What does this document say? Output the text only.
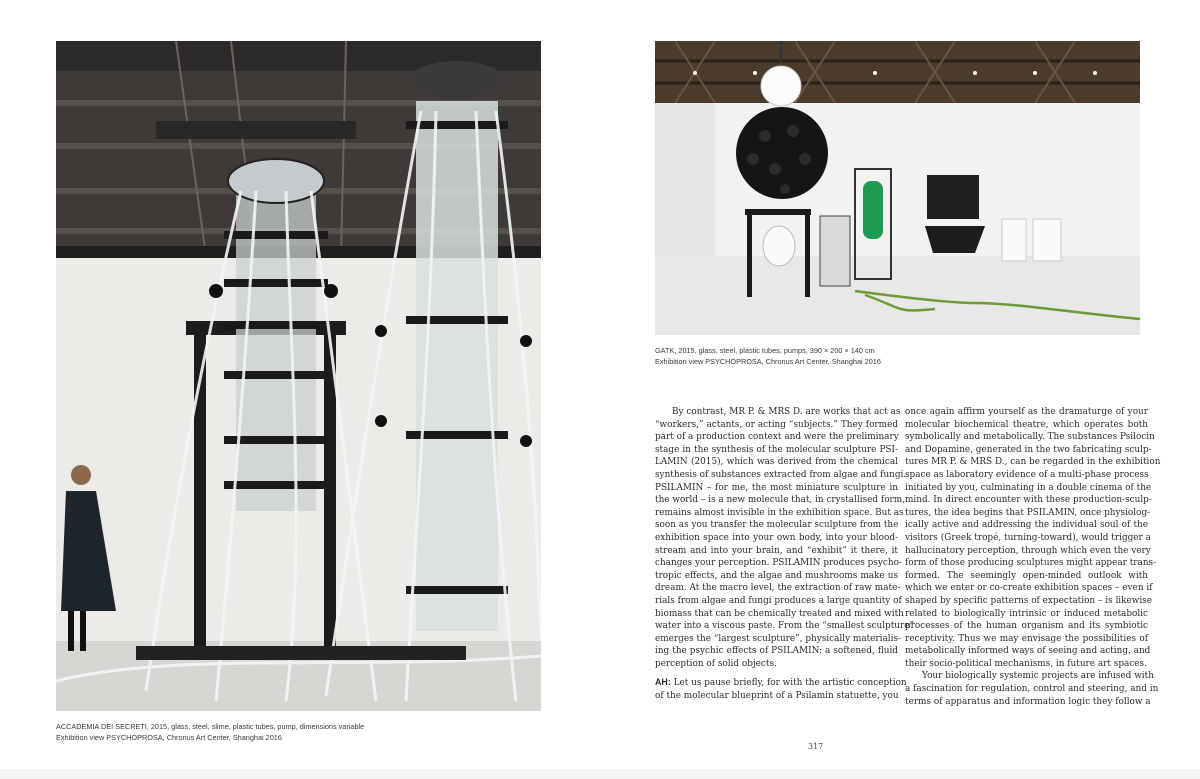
ACCADEMIA DEI SECRETI, 2015, glass, steel, slime, plastic tubes, pump, dimensions variable
Exhibition view PSYCHOPROSA, Chronus Art Center, Shanghai 2016
GATK, 2015, glass, steel, plastic tubes, pumps, 390 × 200 × 140 cm
Exhibition view PSYCHOPROSA, Chronus Art Center, Shanghai 2016
By contrast, MR P. & MRS D. are works that act as
“workers,” actants, or acting “subjects.” They formed
part of a production context and were the preliminary
stage in the synthesis of the molecular sculpture PSI-
LAMIN (2015), which was derived from the chemical
synthesis of substances extracted from algae and fungi.
PSILAMIN – for me, the most miniature sculpture in
the world – is a new molecule that, in crystallised form,
remains almost invisible in the exhibition space. But as
soon as you transfer the molecular sculpture from the
exhibition space into your own body, into your blood-
stream and into your brain, and “exhibit” it there, it
changes your perception. PSILAMIN produces psycho-
tropic effects, and the algae and mushrooms make us
dream. At the macro level, the extraction of raw mate-
rials from algae and fungi produces a large quantity of
biomass that can be chemically treated and mixed with
water into a viscous paste. From the “smallest sculpture”
emerges the “largest sculpture”, physically materialis-
ing the psychic effects of PSILAMIN: a softened, fluid
perception of solid objects.
AH: Let us pause briefly, for with the artistic conception
of the molecular blueprint of a Psilamin statuette, you
once again affirm yourself as the dramaturge of your
molecular biochemical theatre, which operates both
symbolically and metabolically. The substances Psilocin
and Dopamine, generated in the two fabricating sculp-
tures MR P. & MRS D., can be regarded in the exhibition
space as laboratory evidence of a multi-phase process
initiated by you, culminating in a double cinema of the
mind. In direct encounter with these production-sculp-
tures, the idea begins that PSILAMIN, once physiolog-
ically active and addressing the individual soul of the
visitors (Greek tropé, turning-toward), would trigger a
hallucinatory perception, through which even the very
form of those producing sculptures might appear trans-
formed. The seemingly open-minded outlook with
which we enter or co-create exhibition spaces – even if
shaped by specific patterns of expectation – is likewise
related to biologically intrinsic or induced metabolic
processes of the human organism and its symbiotic
receptivity. Thus we may envisage the possibilities of
metabolically informed ways of seeing and acting, and
their socio-political mechanisms, in future art spaces.
Your biologically systemic projects are infused with
a fascination for regulation, control and steering, and in
terms of apparatus and information logic they follow a
317
